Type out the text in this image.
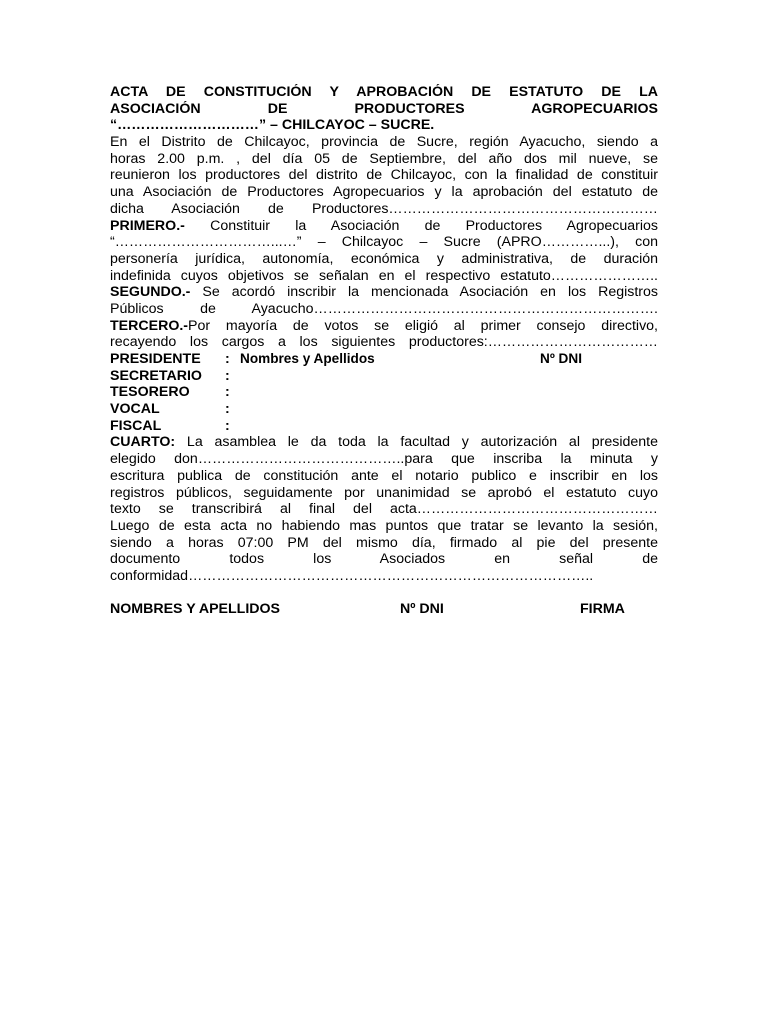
ACTA DE CONSTITUCIÓN Y APROBACIÓN DE ESTATUTO DE LA
ASOCIACIÓN DE PRODUCTORES AGROPECUARIOS
“…………………………” – CHILCAYOC – SUCRE.
En el Distrito de Chilcayoc, provincia de Sucre, región Ayacucho, siendo a
horas 2.00 p.m. , del día 05 de Septiembre, del año dos mil nueve, se
reunieron los productores del distrito de Chilcayoc, con la finalidad de constituir
una Asociación de Productores Agropecuarios y la aprobación del estatuto de
dicha Asociación de Productores…………………………………………………
PRIMERO.- Constituir la Asociación de Productores Agropecuarios
“……………………………...…” – Chilcayoc – Sucre (APRO…………...), con
personería jurídica, autonomía, económica y administrativa, de duración
indefinida cuyos objetivos se señalan en el respectivo estatuto…………………..
SEGUNDO.- Se acordó inscribir la mencionada Asociación en los Registros
Públicos de Ayacucho……………………………………………………………….
TERCERO.-Por mayoría de votos se eligió al primer consejo directivo,
recayendo los cargos a los siguientes productores:………………………………
PRESIDENTE : Nombres y Apellidos	Nº DNI
SECRETARIO :
TESORERO :
VOCAL	:
FISCAL	:
CUARTO: La asamblea le da toda la facultad y autorización al presidente
elegido don……………………………………..para que inscriba la minuta y
escritura publica de constitución ante el notario publico e inscribir en los
registros públicos, seguidamente por unanimidad se aprobó el estatuto cuyo
texto se transcribirá al final del acta……………………………………………
Luego de esta acta no habiendo mas puntos que tratar se levanto la sesión,
siendo a horas 07:00 PM del mismo día, firmado al pie del presente
documento todos los Asociados en señal de
conformidad…………………………………………………………………………..
NOMBRES Y APELLIDOS	Nº DNI	FIRMA
